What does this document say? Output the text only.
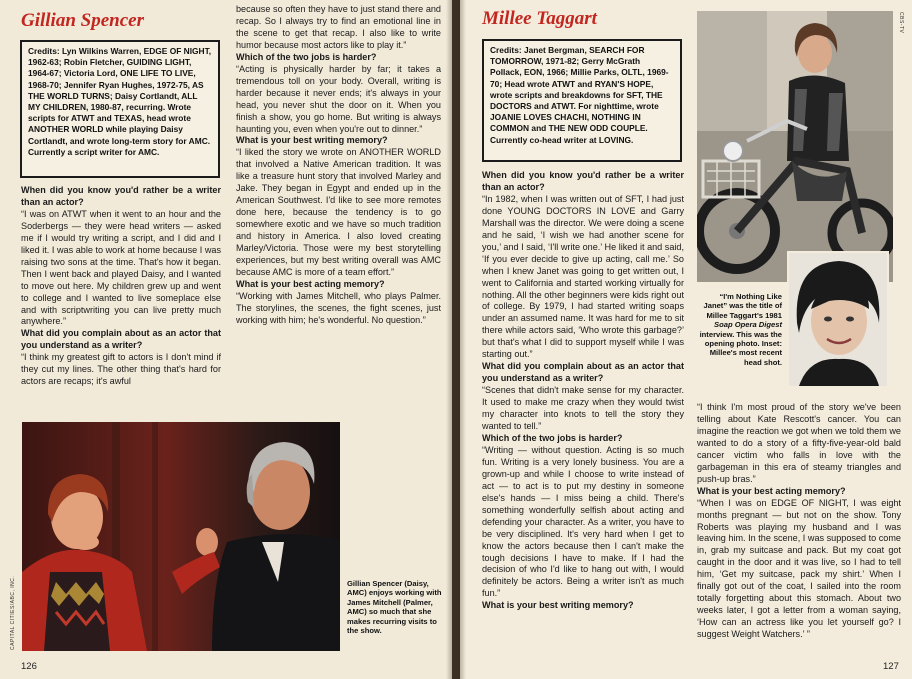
Gillian Spencer
Credits: Lyn Wilkins Warren, EDGE OF NIGHT, 1962-63; Robin Fletcher, GUIDING LIGHT, 1964-67; Victoria Lord, ONE LIFE TO LIVE, 1968-70; Jennifer Ryan Hughes, 1972-75, AS THE WORLD TURNS; Daisy Cortlandt, ALL MY CHILDREN, 1980-87, recurring. Wrote scripts for ATWT and TEXAS, head wrote ANOTHER WORLD while playing Daisy Cortlandt, and wrote long-term story for AMC. Currently a script writer for AMC.

When did you know you'd rather be a writer than an actor?

“I was on ATWT when it went to an hour and the Soderbergs — they were head writers — asked me if I would try writing a script, and I did and I liked it. I was able to work at home because I was raising two sons at the time. That's how it began. Then I went back and played Daisy, and I wanted to move out here. My children grew up and went to college and I wanted to live someplace else and with scriptwriting you can live pretty much anywhere.”

What did you complain about as an actor that you understand as a writer?

“I think my greatest gift to actors is I don't mind if they cut my lines. The other thing that's hard for actors are recaps; it's awful

because so often they have to just stand there and recap. So I always try to find an emotional line in the scene to get that recap. I also like to write humor because most actors like to play it.”

Which of the two jobs is harder?

“Acting is physically harder by far; it takes a tremendous toll on your body. Overall, writing is harder because it never ends; it's always in your head, you never shut the door on it. When you finish a show, you go home. But writing is always haunting you, even when you're out to dinner.”

What is your best writing memory?

“I liked the story we wrote on ANOTHER WORLD that involved a Native American tradition. It was like a treasure hunt story that involved Marley and Jake. They began in Egypt and ended up in the American Southwest. I'd like to see more remotes done here, because the tendency is to go somewhere exotic and we have so much tradition and history in America. I also loved creating Marley/Victoria. Those were my best storytelling experiences, but my best writing overall was AMC because AMC is more of a team effort.”

What is your best acting memory?

“Working with James Mitchell, who plays Palmer. The storylines, the scenes, the fight scenes, just working with him; he's wonderful. No question.”

CAPITAL CITIES/ABC, INC.	Gillian Spencer (Daisy, AMC) enjoys working with James Mitchell (Palmer, AMC) so much that she makes recurring visits to the show.
126
Millee Taggart
Credits: Janet Bergman, SEARCH FOR TOMORROW, 1971-82; Gerry McGrath Pollack, EON, 1966; Millie Parks, OLTL, 1969-70; Head wrote ATWT and RYAN'S HOPE, wrote scripts and breakdowns for SFT, THE DOCTORS and ATWT. For nighttime, wrote JOANIE LOVES CHACHI, NOTHING IN COMMON and THE NEW ODD COUPLE. Currently co-head writer at LOVING.

When did you know you'd rather be a writer than an actor?

“In 1982, when I was written out of SFT, I had just done YOUNG DOCTORS IN LOVE and Garry Marshall was the director. We were doing a scene and he said, ‘I wish we had another scene for you,’ and I said, ‘I'll write one.’ He liked it and said, ‘If you ever decide to give up acting, call me.’ So when I knew Janet was going to get written out, I went to California and started working virtually for nothing. All the other beginners were kids right out of college. By 1979, I had started writing soaps under an assumed name. It was hard for me to sit there while actors said, ‘Who wrote this garbage?’ but that's what I did to support myself while I was starting out.”

What did you complain about as an actor that you understand as a writer?

“Scenes that didn't make sense for my character. It used to make me crazy when they would twist my character into knots to tell the story they wanted to tell.”

Which of the two jobs is harder?

“Writing — without question. Acting is so much fun. Writing is a very lonely business. You are a grown-up and while I choose to write instead of act — to act is to put my destiny in someone else's hands — I miss being a child. There's something wonderfully selfish about acting and defending your character. As a writer, you have to be very disciplined. It's very hard when I get to know the actors because then I can't make the tough decisions I have to make. If I had the decision of who I'd like to hang out with, I would definitely be actors. Being a writer isn't as much fun.”

What is your best writing memory?

“I think I'm most proud of the story we've been telling about Kate Rescott's cancer. You can imagine the reaction we got when we told them we wanted to do a story of a fifty-five-year-old bald cancer victim who falls in love with the garbageman in this era of steamy triangles and push-up bras.”

What is your best acting memory?

“When I was on EDGE OF NIGHT, I was eight months pregnant — but not on the show. Tony Roberts was playing my husband and I was leaving him. In the scene, I was supposed to come in, grab my suitcase and pack. But my coat got caught in the door and it was live, so I had to tell him, ‘Get my suitcase, pack my shirt.’ When I finally got out of the coat, I sailed into the room totally forgetting about this stomach. About two weeks later, I got a letter from a woman saying, ‘How can an actress like you let yourself go? I suggest Weight Watchers.’ ”

CBS-TV
“I'm Nothing Like Janet” was the title of Millee Taggart's 1981 Soap Opera Digest interview. This was the opening photo. Inset: Millee's most recent head shot.
127
